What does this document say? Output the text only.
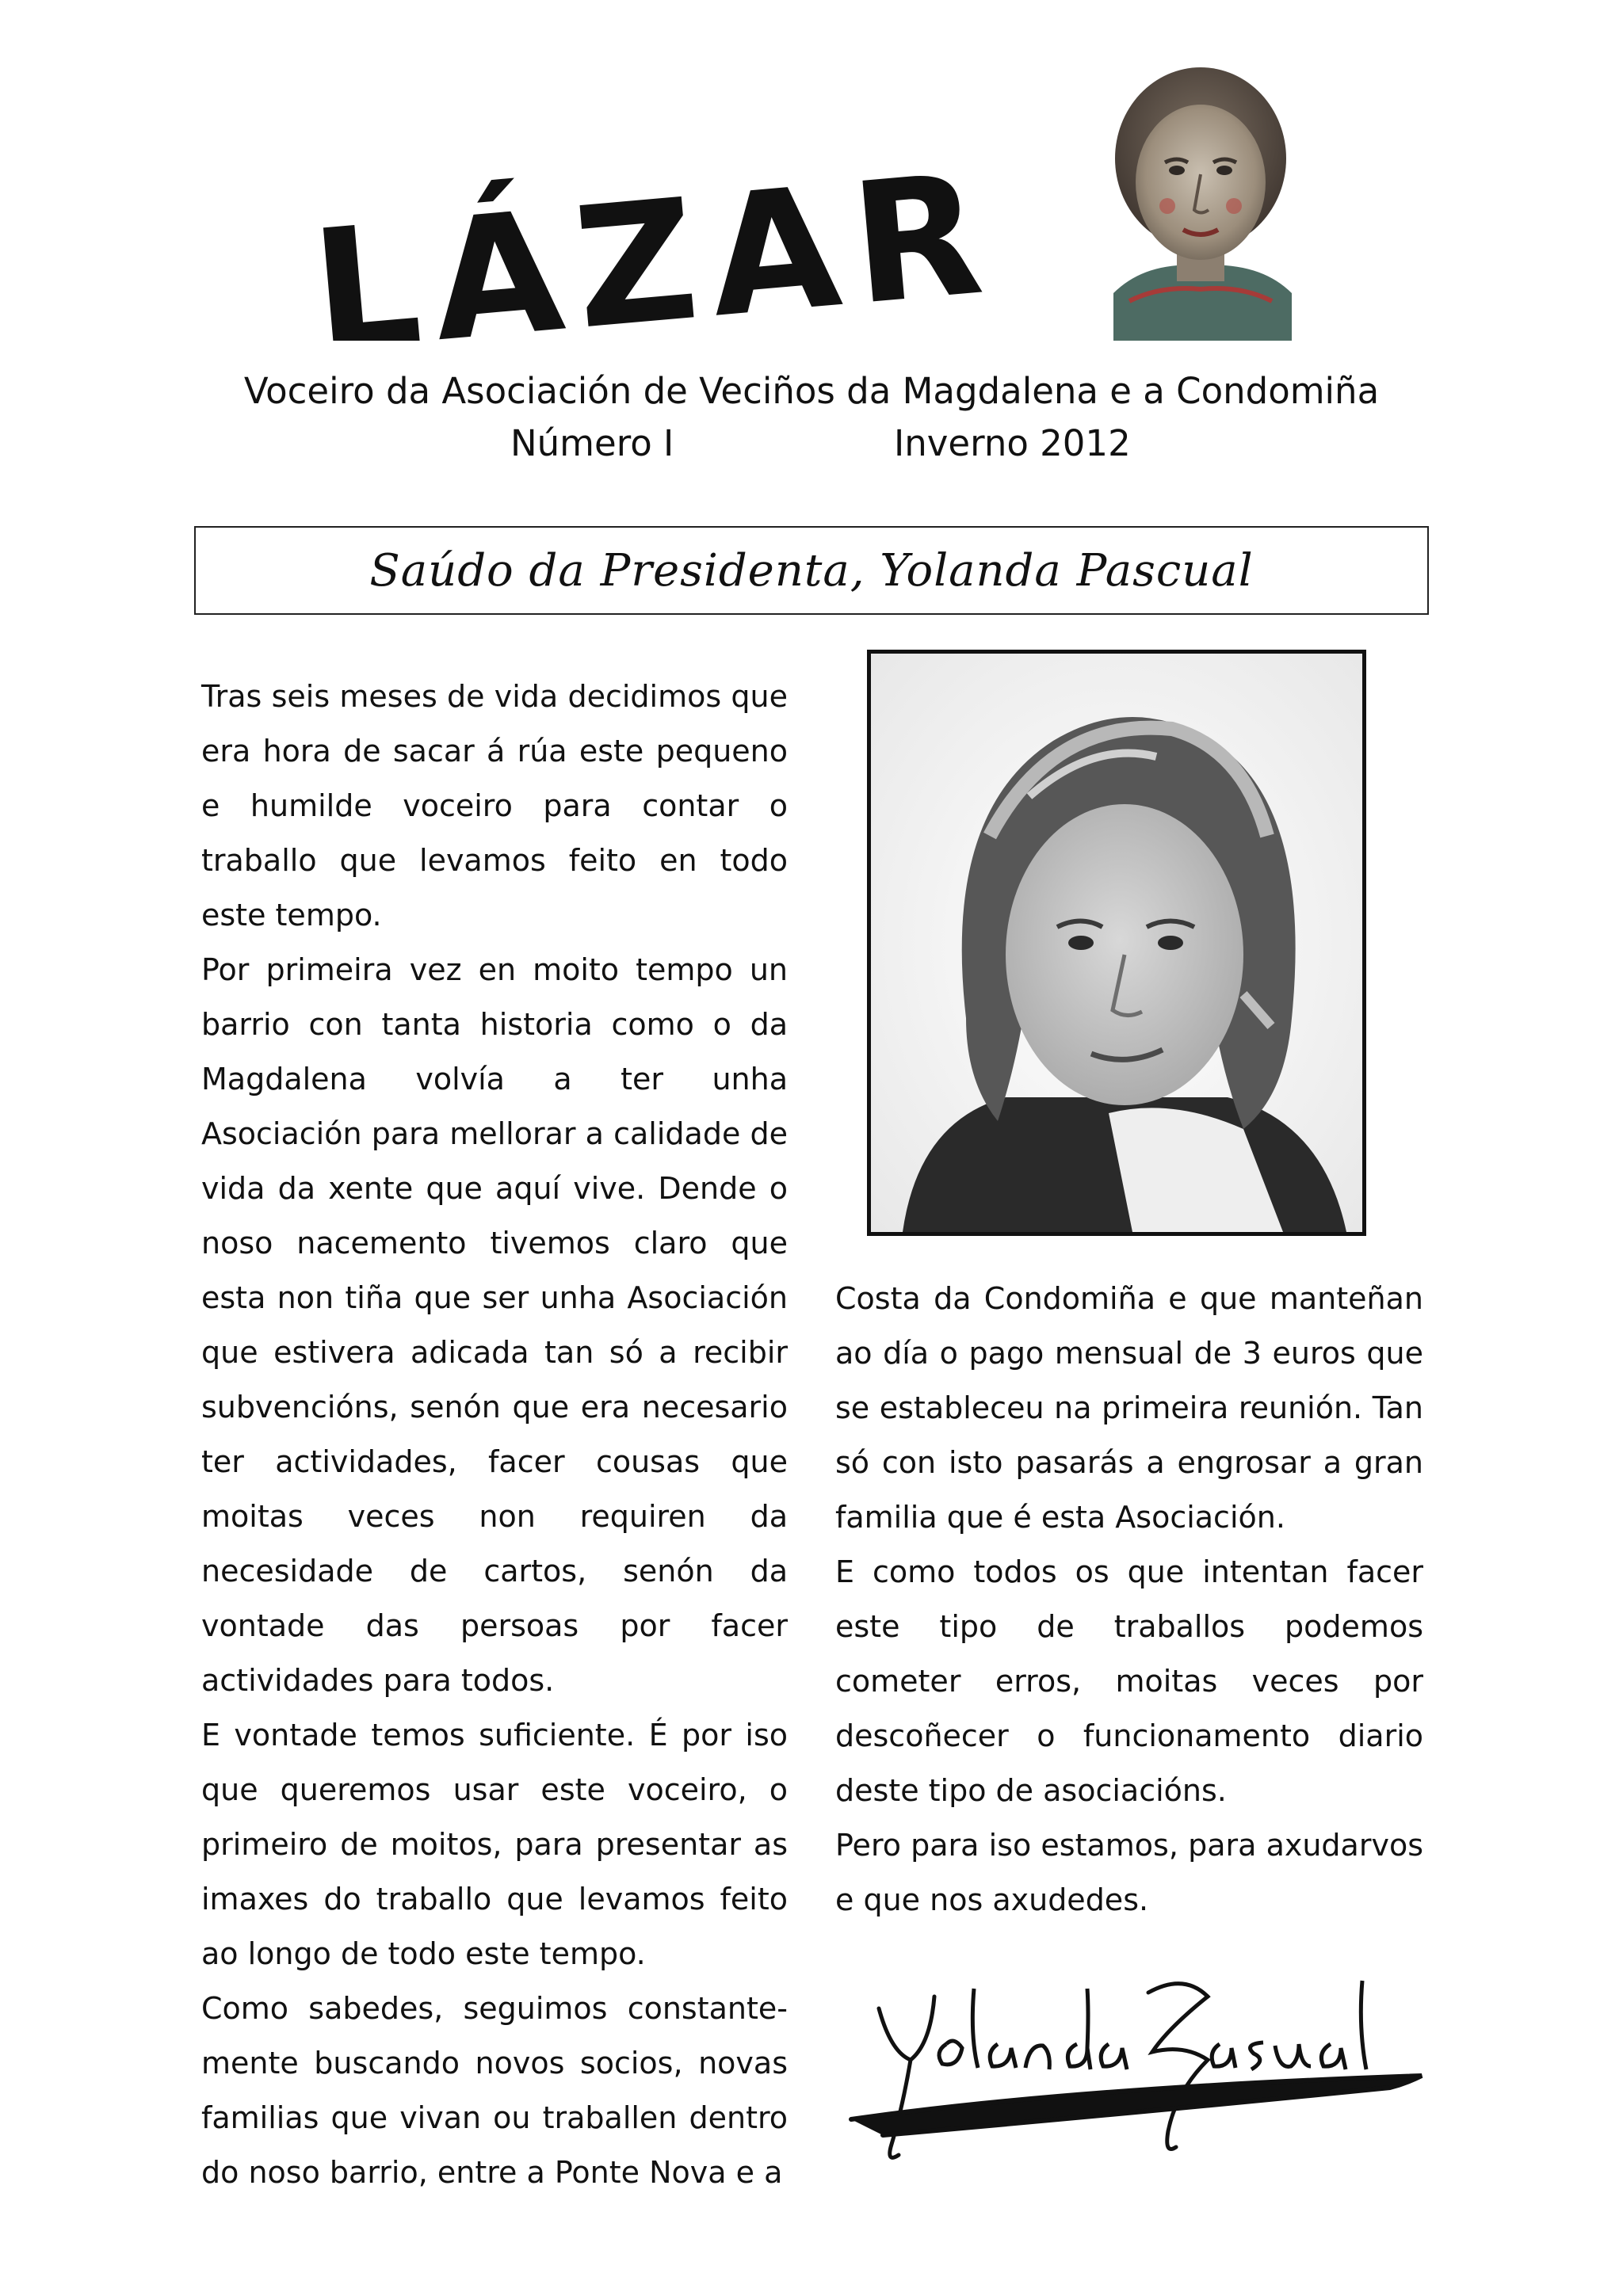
LÁZAR
Voceiro da Asociación de Veciños da Magdalena e a Condomiña
Número I	Inverno 2012
Saúdo da Presidenta, Yolanda Pascual

Tras seis meses de vida decidimos que era hora de sacar á rúa este pequeno e humilde voceiro para contar o traballo que levamos feito en todo este tempo.

Por primeira vez en moito tempo un barrio con tanta historia como o da Magdalena volvía a ter unha Asociación para mellorar a calidade de vida da xente que aquí vive. Dende o noso nacemento tivemos claro que esta non tiña que ser unha Asociación que estivera adicada tan só a recibir subvencións, senón que era necesario ter actividades, facer cousas que moitas veces non requiren da necesidade de cartos, senón da vontade das persoas por facer actividades para todos.

E vontade temos suficiente. É por iso que queremos usar este voceiro, o primeiro de moitos, para presentar as imaxes do traballo que levamos feito ao longo de todo este tempo.

Como sabedes, seguimos constante-mente buscando novos socios, novas familias que vivan ou traballen dentro do noso barrio, entre a Ponte Nova e a

Costa da Condomiña e que manteñan ao día o pago mensual de 3 euros que se estableceu na primeira reunión. Tan só con isto pasarás a engrosar a gran familia que é esta Asociación.

E como todos os que intentan facer este tipo de traballos podemos cometer erros, moitas veces por descoñecer o funcionamento diario deste tipo de asociacións.

Pero para iso estamos, para axudarvos e que nos axudedes.
